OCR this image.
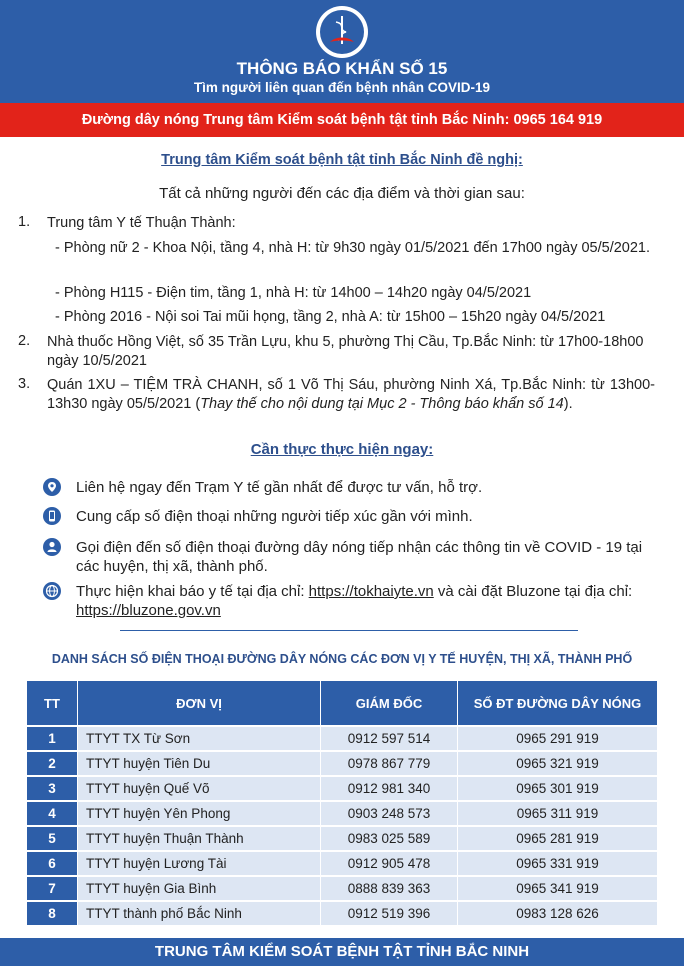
THÔNG BÁO KHẨN SỐ 15
Tìm người liên quan đến bệnh nhân COVID-19
Đường dây nóng Trung tâm Kiểm soát bệnh tật tỉnh Bắc Ninh: 0965 164 919
Trung tâm Kiểm soát bệnh tật tỉnh Bắc Ninh đề nghị:
Tất cả những người đến các địa điểm và thời gian sau:
1. Trung tâm Y tế Thuận Thành:
- Phòng nữ 2 - Khoa Nội, tầng 4, nhà H: từ 9h30 ngày 01/5/2021 đến 17h00 ngày 05/5/2021.
- Phòng H115 - Điện tim, tầng 1, nhà H: từ 14h00 – 14h20 ngày 04/5/2021
- Phòng 2016 - Nội soi Tai mũi họng, tầng 2, nhà A: từ 15h00 – 15h20 ngày 04/5/2021
2. Nhà thuốc Hồng Việt, số 35 Trần Lựu, khu 5, phường Thị Cầu, Tp.Bắc Ninh: từ 17h00-18h00 ngày 10/5/2021
3. Quán 1XU – TIỆM TRÀ CHANH, số 1 Võ Thị Sáu, phường Ninh Xá, Tp.Bắc Ninh: từ 13h00-13h30 ngày 05/5/2021 (Thay thế cho nội dung tại Mục 2 - Thông báo khẩn số 14).
Cần thực thực hiện ngay:
Liên hệ ngay đến Trạm Y tế gần nhất để được tư vấn, hỗ trợ.
Cung cấp số điện thoại những người tiếp xúc gần với mình.
Gọi điện đến số điện thoại đường dây nóng tiếp nhận các thông tin về COVID - 19 tại các huyện, thị xã, thành phố.
Thực hiện khai báo y tế tại địa chỉ: https://tokhaiyte.vn và cài đặt Bluzone tại địa chỉ: https://bluzone.gov.vn
DANH SÁCH SỐ ĐIỆN THOẠI ĐƯỜNG DÂY NÓNG CÁC ĐƠN VỊ Y TẾ HUYỆN, THỊ XÃ, THÀNH PHỐ
TT	ĐƠN VỊ	GIÁM ĐỐC	SỐ ĐT ĐƯỜNG DÂY NÓNG
1	TTYT TX Từ Sơn	0912 597 514	0965 291 919
2	TTYT huyện Tiên Du	0978 867 779	0965 321 919
3	TTYT huyện Quế Võ	0912 981 340	0965 301 919
4	TTYT huyện Yên Phong	0903 248 573	0965 311 919
5	TTYT huyện Thuận Thành	0983 025 589	0965 281 919
6	TTYT huyện Lương Tài	0912 905 478	0965 331 919
7	TTYT huyện Gia Bình	0888 839 363	0965 341 919
8	TTYT thành phố Bắc Ninh	0912 519 396	0983 128 626
TRUNG TÂM KIỂM SOÁT BỆNH TẬT TỈNH BẮC NINH
